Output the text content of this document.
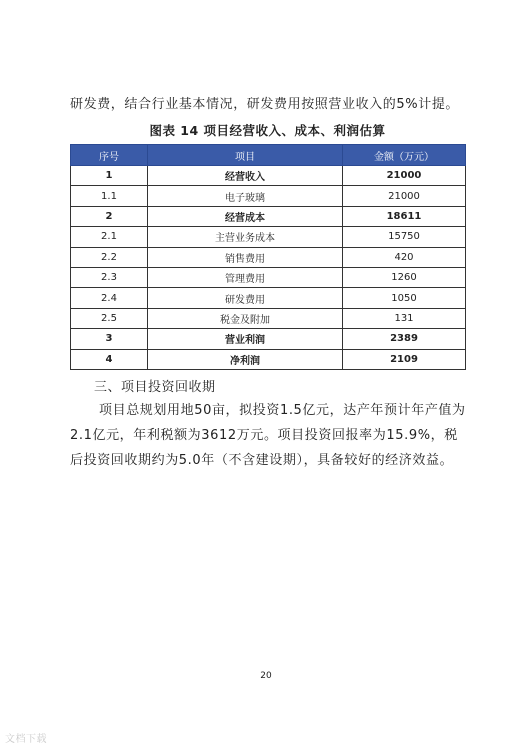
研发费，结合行业基本情况，研发费用按照营业收入的5%计提。

图表 14 项目经营收入、成本、利润估算
序号	项目	金额（万元）
1	经营收入	21000
1.1	电子玻璃	21000
2	经营成本	18611
2.1	主营业务成本	15750
2.2	销售费用	420
2.3	管理费用	1260
2.4	研发费用	1050
2.5	税金及附加	131
3	营业利润	2389
4	净利润	2109
三、项目投资回收期

项目总规划用地50亩，拟投资1.5亿元，达产年预计年产值为2.1亿元，年利税额为3612万元。项目投资回报率为15.9%，税后投资回收期约为5.0年（不含建设期），具备较好的经济效益。

20
文档下载
